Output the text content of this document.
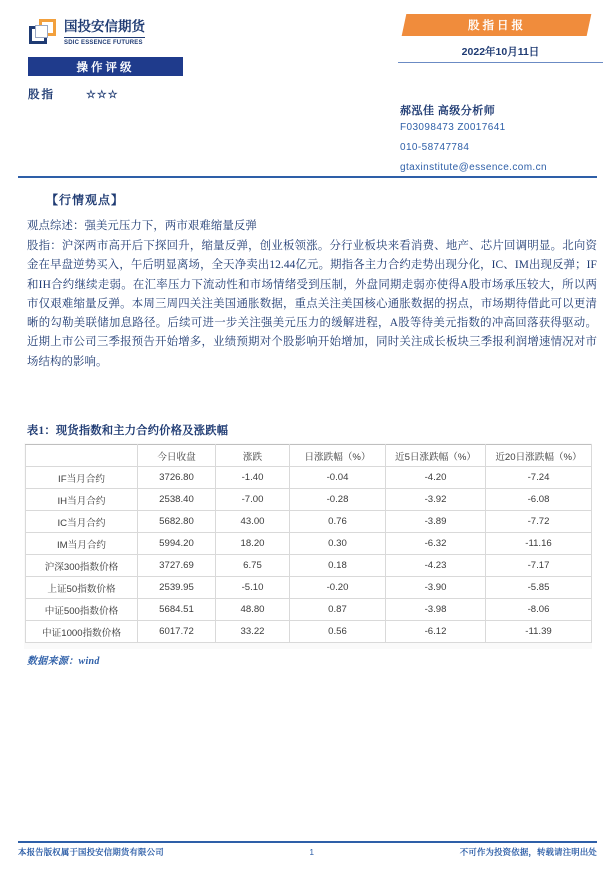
国投安信期货
SDIC ESSENCE FUTURES
操作评级
股指	☆☆☆
股指日报
2022年10月11日
郝泓佳 高级分析师
F03098473 Z0017641
010-58747784
gtaxinstitute@essence.com.cn
【行情观点】
观点综述：强美元压力下，两市艰难缩量反弹
股指：沪深两市高开后下探回升，缩量反弹，创业板领涨。分行业板块来看消费、地产、芯片回调明显。北向资金在早盘逆势买入，午后明显离场，全天净卖出12.44亿元。期指各主力合约走势出现分化，IC、IM出现反弹；IF和IH合约继续走弱。在汇率压力下流动性和市场情绪受到压制，外盘同期走弱亦使得A股市场承压较大，所以两市仅艰难缩量反弹。本周三周四关注美国通胀数据，重点关注美国核心通胀数据的拐点，市场期待借此可以更清晰的勾勒美联储加息路径。后续可进一步关注强美元压力的缓解进程，A股等待美元指数的冲高回落获得驱动。近期上市公司三季报预告开始增多，业绩预期对个股影响开始增加，同时关注成长板块三季报利润增速情况对市场结构的影响。
表1：现货指数和主力合约价格及涨跌幅
	今日收盘	涨跌	日涨跌幅（%）	近5日涨跌幅（%）	近20日涨跌幅（%）
IF当月合约	3726.80	-1.40	-0.04	-4.20	-7.24
IH当月合约	2538.40	-7.00	-0.28	-3.92	-6.08
IC当月合约	5682.80	43.00	0.76	-3.89	-7.72
IM当月合约	5994.20	18.20	0.30	-6.32	-11.16
沪深300指数价格	3727.69	6.75	0.18	-4.23	-7.17
上证50指数价格	2539.95	-5.10	-0.20	-3.90	-5.85
中证500指数价格	5684.51	48.80	0.87	-3.98	-8.06
中证1000指数价格	6017.72	33.22	0.56	-6.12	-11.39
数据来源：wind
本报告版权属于国投安信期货有限公司	1	不可作为投资依据，转载请注明出处
